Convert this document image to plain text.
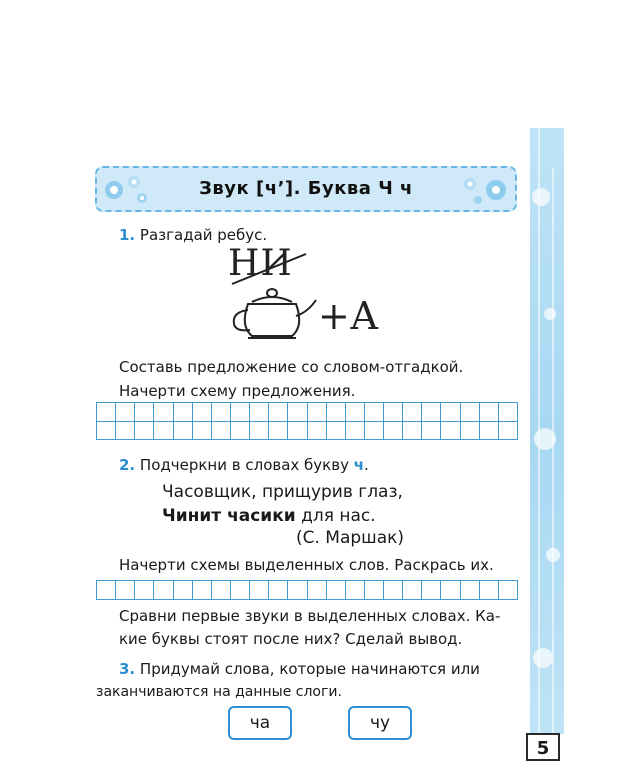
5
Звук [ч’]. Буква Ч ч
1. Разгадай ребус.
НИ
+А
Составь предложение со словом-отгадкой.
Начерти схему предложения.
2. Подчеркни в словах букву ч.
Часовщик, прищурив глаз,
Чинит часики для нас.
(С. Маршак)
Начерти схемы выделенных слов. Раскрась их.
Сравни первые звуки в выделенных словах. Ка-
кие буквы стоят после них? Сделай вывод.
3. Придумай слова, которые начинаются или
заканчиваются на данные слоги.
ча	чу
